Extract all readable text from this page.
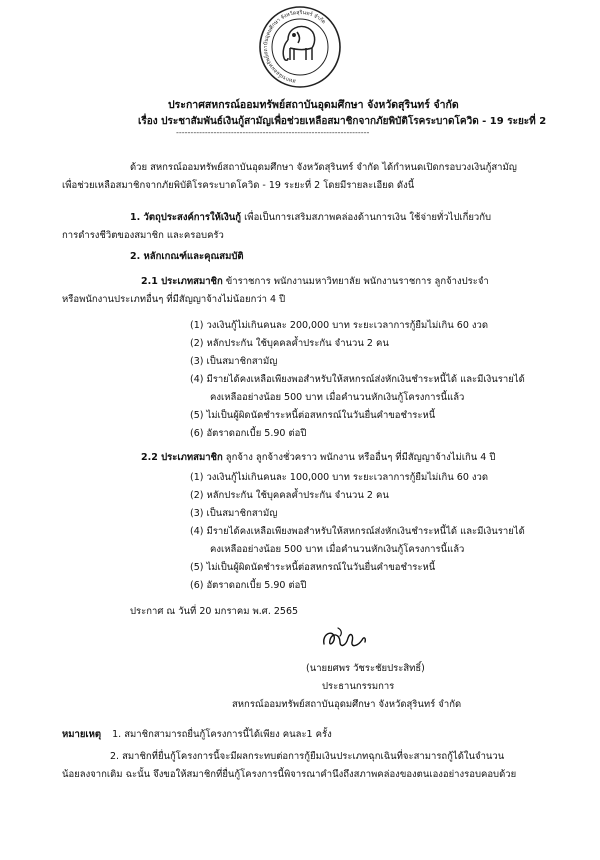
สหกรณ์ออมทรัพย์สถาบันอุดมศึกษา จังหวัดสุรินทร์ จำกัด
ประกาศสหกรณ์ออมทรัพย์สถาบันอุดมศึกษา จังหวัดสุรินทร์ จำกัด
เรื่อง ประชาสัมพันธ์เงินกู้สามัญเพื่อช่วยเหลือสมาชิกจากภัยพิบัติโรคระบาดโควิด - 19 ระยะที่ 2
-------------------------------------------------------------------
ด้วย สหกรณ์ออมทรัพย์สถาบันอุดมศึกษา จังหวัดสุรินทร์ จำกัด ได้กำหนดเปิดกรอบวงเงินกู้สามัญ
เพื่อช่วยเหลือสมาชิกจากภัยพิบัติโรคระบาดโควิด - 19 ระยะที่ 2 โดยมีรายละเอียด ดังนี้
1. วัตถุประสงค์การให้เงินกู้ เพื่อเป็นการเสริมสภาพคล่องด้านการเงิน ใช้จ่ายทั่วไปเกี่ยวกับ
การดำรงชีวิตของสมาชิก และครอบครัว
2. หลักเกณฑ์และคุณสมบัติ
2.1 ประเภทสมาชิก ข้าราชการ พนักงานมหาวิทยาลัย พนักงานราชการ ลูกจ้างประจำ
หรือพนักงานประเภทอื่นๆ ที่มีสัญญาจ้างไม่น้อยกว่า 4 ปี
(1) วงเงินกู้ไม่เกินคนละ 200,000 บาท ระยะเวลาการกู้ยืมไม่เกิน 60 งวด
(2) หลักประกัน ใช้บุคคลค้ำประกัน จำนวน 2 คน
(3) เป็นสมาชิกสามัญ
(4) มีรายได้คงเหลือเพียงพอสำหรับให้สหกรณ์ส่งหักเงินชำระหนี้ได้ และมีเงินรายได้
คงเหลืออย่างน้อย 500 บาท เมื่อคำนวนหักเงินกู้โครงการนี้แล้ว
(5) ไม่เป็นผู้ผิดนัดชำระหนี้ต่อสหกรณ์ในวันยื่นคำขอชำระหนี้
(6) อัตราดอกเบี้ย 5.90 ต่อปี
2.2 ประเภทสมาชิก ลูกจ้าง ลูกจ้างชั่วคราว พนักงาน หรืออื่นๆ ที่มีสัญญาจ้างไม่เกิน 4 ปี
(1) วงเงินกู้ไม่เกินคนละ 100,000 บาท ระยะเวลาการกู้ยืมไม่เกิน 60 งวด
(2) หลักประกัน ใช้บุคคลค้ำประกัน จำนวน 2 คน
(3) เป็นสมาชิกสามัญ
(4) มีรายได้คงเหลือเพียงพอสำหรับให้สหกรณ์ส่งหักเงินชำระหนี้ได้ และมีเงินรายได้
คงเหลืออย่างน้อย 500 บาท เมื่อคำนวนหักเงินกู้โครงการนี้แล้ว
(5) ไม่เป็นผู้ผิดนัดชำระหนี้ต่อสหกรณ์ในวันยื่นคำขอชำระหนี้
(6) อัตราดอกเบี้ย 5.90 ต่อปี
ประกาศ ณ วันที่ 20 มกราคม พ.ศ. 2565
(นายยศพร วัชระชัยประสิทธิ์)
ประธานกรรมการ
สหกรณ์ออมทรัพย์สถาบันอุดมศึกษา จังหวัดสุรินทร์ จำกัด
หมายเหตุ 1. สมาชิกสามารถยื่นกู้โครงการนี้ได้เพียง คนละ1 ครั้ง
2. สมาชิกที่ยื่นกู้โครงการนี้จะมีผลกระทบต่อการกู้ยืมเงินประเภทฉุกเฉินที่จะสามารถกู้ได้ในจำนวน
น้อยลงจากเดิม ฉะนั้น จึงขอให้สมาชิกที่ยื่นกู้โครงการนี้พิจารณาคำนึงถึงสภาพคล่องของตนเองอย่างรอบคอบด้วย
